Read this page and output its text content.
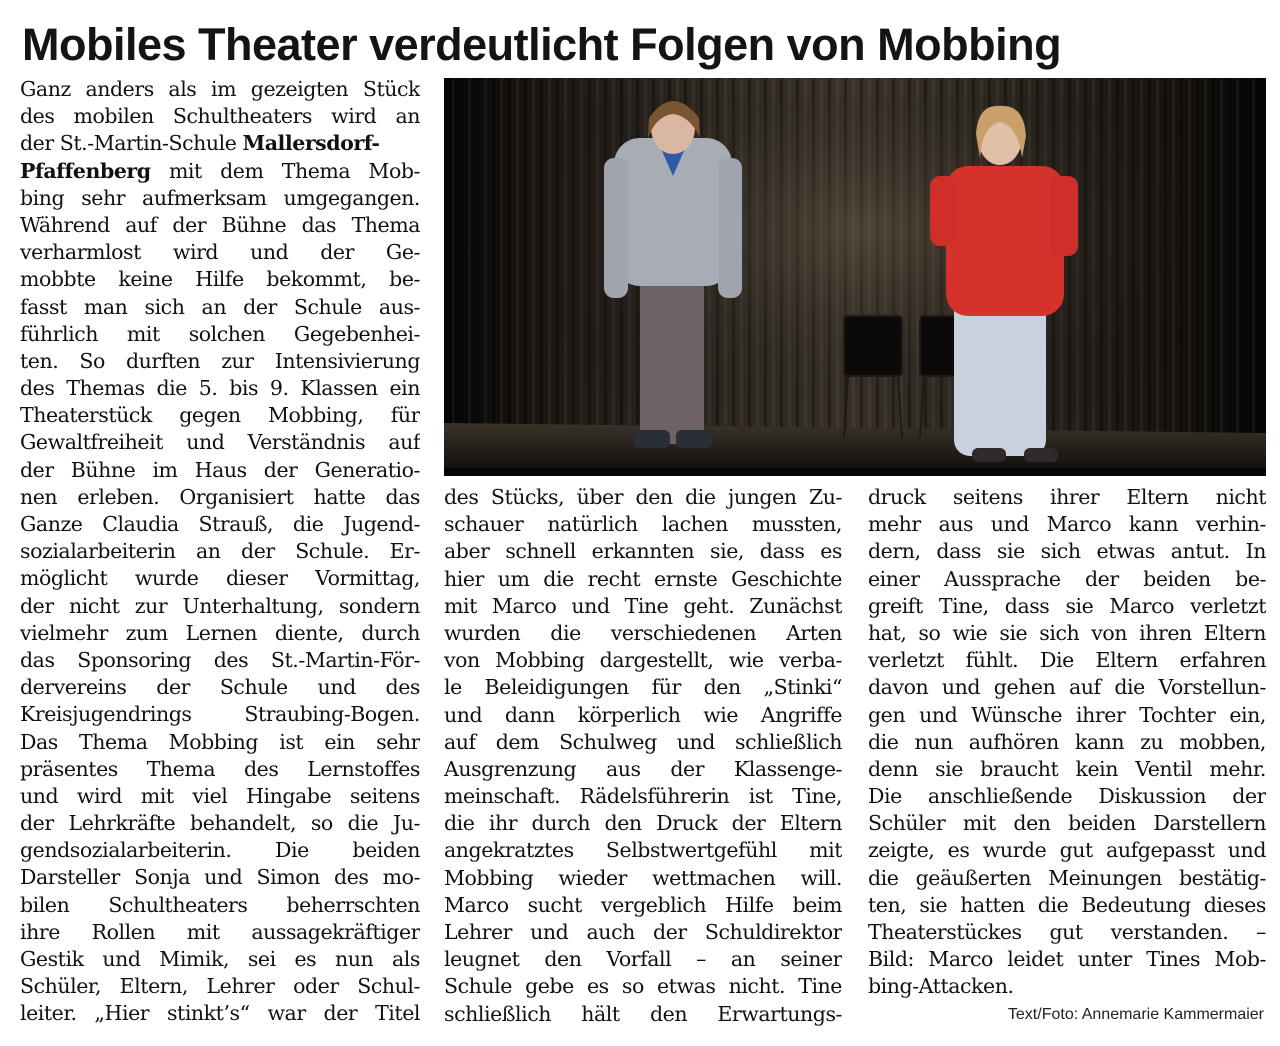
Mobiles Theater verdeutlicht Folgen von Mobbing
Ganz anders als im gezeigten Stück
des mobilen Schultheaters wird an
der St.-Martin-Schule Mallersdorf-
Pfaffenberg mit dem Thema Mob-
bing sehr aufmerksam umgegangen.
Während auf der Bühne das Thema
verharmlost wird und der Ge-
mobbte keine Hilfe bekommt, be-
fasst man sich an der Schule aus-
führlich mit solchen Gegebenhei-
ten. So durften zur Intensivierung
des Themas die 5. bis 9. Klassen ein
Theaterstück gegen Mobbing, für
Gewaltfreiheit und Verständnis auf
der Bühne im Haus der Generatio-
nen erleben. Organisiert hatte das
Ganze Claudia Strauß, die Jugend-
sozialarbeiterin an der Schule. Er-
möglicht wurde dieser Vormittag,
der nicht zur Unterhaltung, sondern
vielmehr zum Lernen diente, durch
das Sponsoring des St.-Martin-För-
dervereins der Schule und des
Kreisjugendrings Straubing-Bogen.
Das Thema Mobbing ist ein sehr
präsentes Thema des Lernstoffes
und wird mit viel Hingabe seitens
der Lehrkräfte behandelt, so die Ju-
gendsozialarbeiterin. Die beiden
Darsteller Sonja und Simon des mo-
bilen Schultheaters beherrschten
ihre Rollen mit aussagekräftiger
Gestik und Mimik, sei es nun als
Schüler, Eltern, Lehrer oder Schul-
leiter. „Hier stinkt’s“ war der Titel
des Stücks, über den die jungen Zu-
schauer natürlich lachen mussten,
aber schnell erkannten sie, dass es
hier um die recht ernste Geschichte
mit Marco und Tine geht. Zunächst
wurden die verschiedenen Arten
von Mobbing dargestellt, wie verba-
le Beleidigungen für den „Stinki“
und dann körperlich wie Angriffe
auf dem Schulweg und schließlich
Ausgrenzung aus der Klassenge-
meinschaft. Rädelsführerin ist Tine,
die ihr durch den Druck der Eltern
angekratztes Selbstwertgefühl mit
Mobbing wieder wettmachen will.
Marco sucht vergeblich Hilfe beim
Lehrer und auch der Schuldirektor
leugnet den Vorfall – an seiner
Schule gebe es so etwas nicht. Tine
schließlich hält den Erwartungs-
druck seitens ihrer Eltern nicht
mehr aus und Marco kann verhin-
dern, dass sie sich etwas antut. In
einer Aussprache der beiden be-
greift Tine, dass sie Marco verletzt
hat, so wie sie sich von ihren Eltern
verletzt fühlt. Die Eltern erfahren
davon und gehen auf die Vorstellun-
gen und Wünsche ihrer Tochter ein,
die nun aufhören kann zu mobben,
denn sie braucht kein Ventil mehr.
Die anschließende Diskussion der
Schüler mit den beiden Darstellern
zeigte, es wurde gut aufgepasst und
die geäußerten Meinungen bestätig-
ten, sie hatten die Bedeutung dieses
Theaterstückes gut verstanden. –
Bild: Marco leidet unter Tines Mob-
bing-Attacken.
Text/Foto: Annemarie Kammermaier
